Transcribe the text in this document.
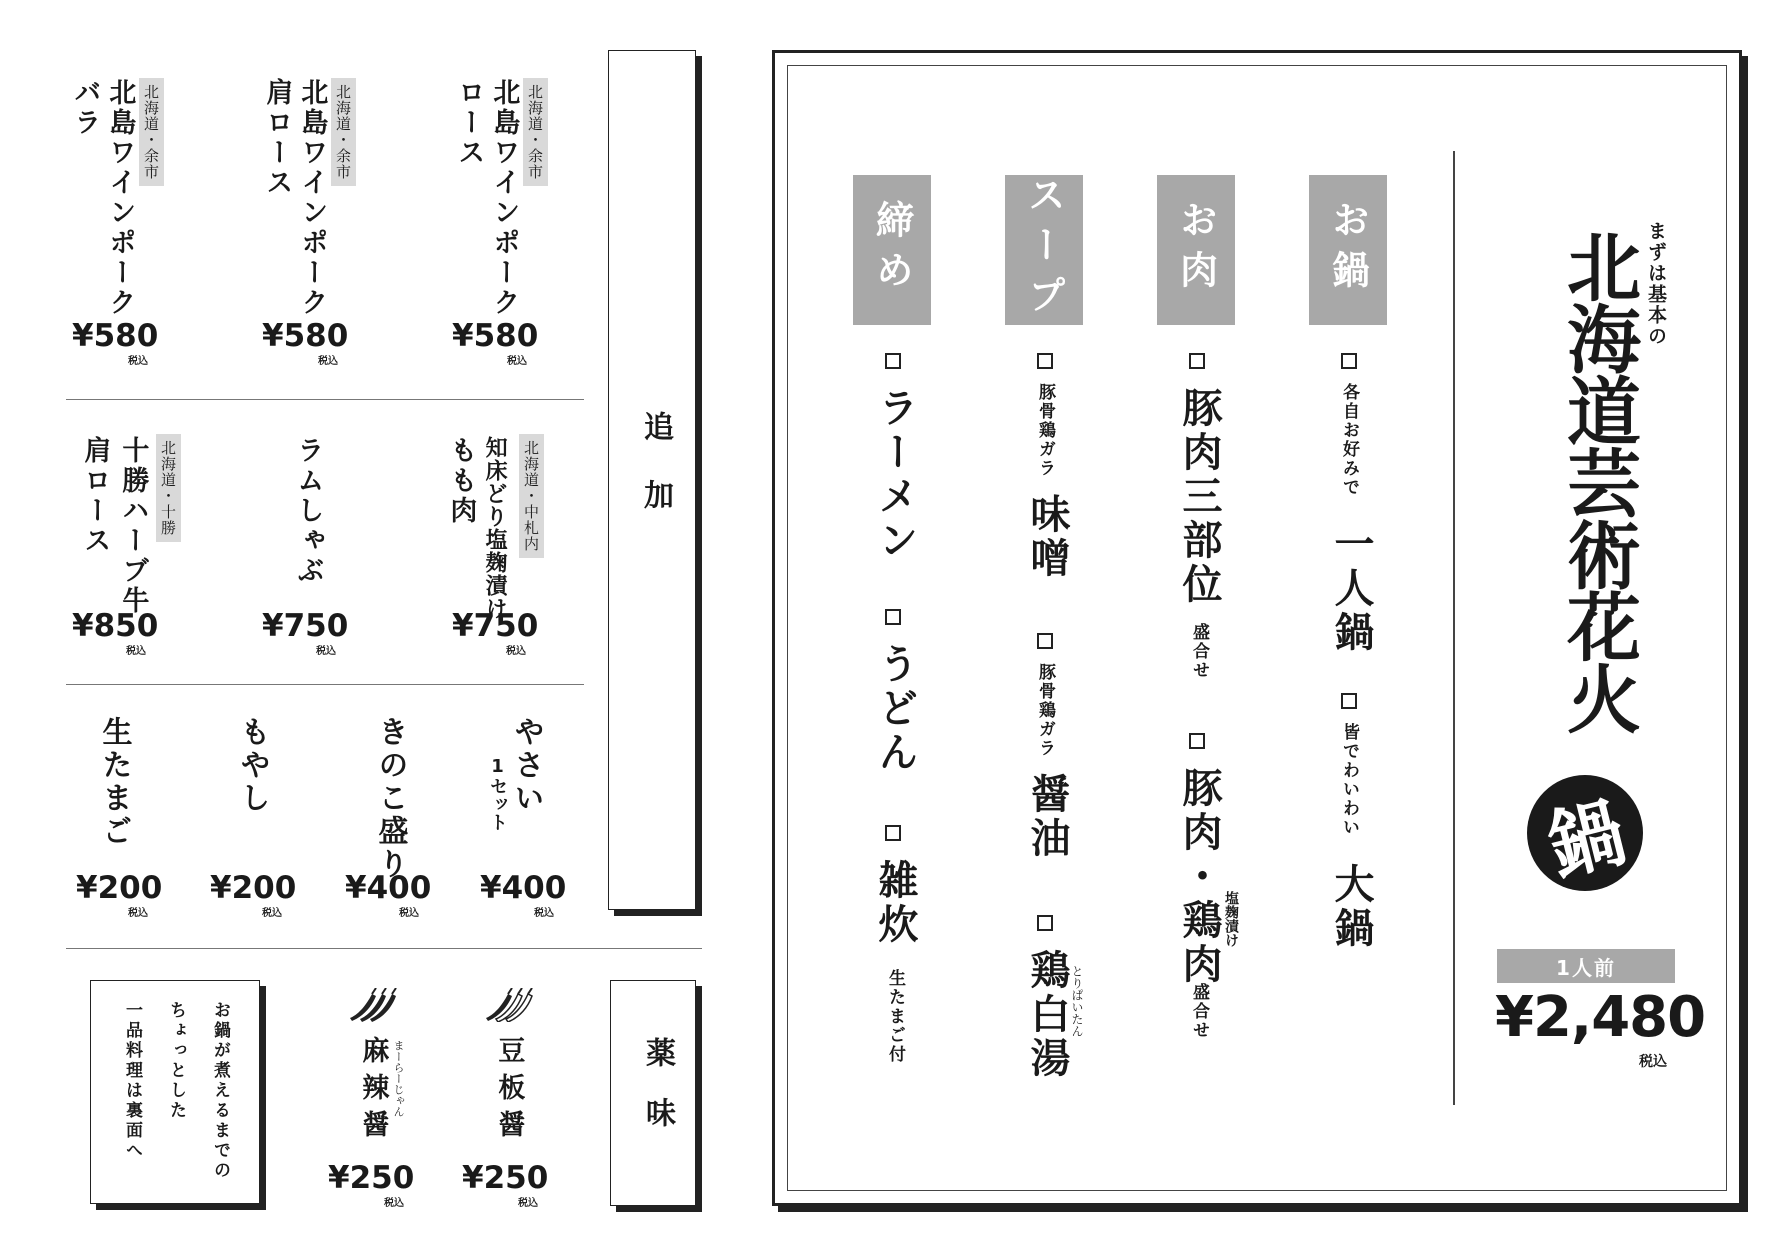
北海道・余市
北島ワインポーク
バラ
¥580
税込
北海道・余市
北島ワインポーク
肩ロース
¥580
税込
北海道・余市
北島ワインポーク
ロース
¥580
税込
北海道・十勝
十勝ハーブ牛
肩ロース
¥850
税込
ラムしゃぶ
¥750
税込
北海道・中札内
知床どり塩麹漬け
もも肉
¥750
税込
生たまご
¥200
税込
もやし
¥200
税込
きのこ盛り
¥400
税込
やさい
1セット
¥400
税込
追加
お鍋が煮えるまでの
ちょっとした
一品料理は裏面へ	麻辣醤 まーらーじゃん
¥250
税込
豆板醤
¥250
税込
薬味
まずは基本の
北海道芸術花火
鍋
1人前
¥2,480
税込
お鍋
各自お好みで
一人鍋
皆でわいわい
大鍋
お肉
豚肉三部位
盛合せ
豚肉・鶏肉 塩麹漬け
盛合せ
スープ
豚骨鶏ガラ
味噌
豚骨鶏ガラ
醤油
鶏白湯 とりぱいたん
締め
ラーメン
うどん
雑炊
生たまご付
